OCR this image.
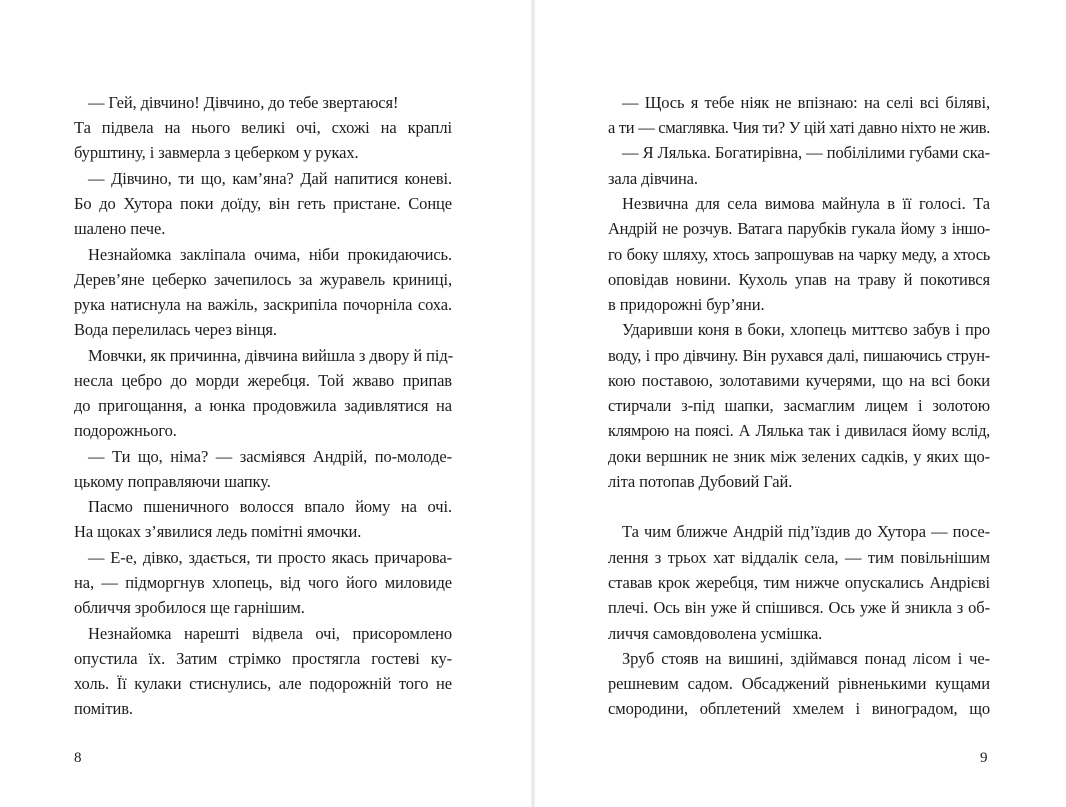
— Гей, дівчино! Дівчино, до тебе звертаюся!
Та підвела на нього великі очі, схожі на краплі
бурштину, і завмерла з цеберком у руках.
— Дівчино, ти що, кам’яна? Дай напитися коневі.
Бо до Хутора поки доїду, він геть пристане. Сонце
шалено пече.
Незнайомка закліпала очима, ніби прокидаючись.
Дерев’яне цеберко зачепилось за журавель криниці,
рука натиснула на важіль, заскрипіла почорніла соха.
Вода перелилась через вінця.
Мовчки, як причинна, дівчина вийшла з двору й під-
несла цебро до морди жеребця. Той жваво припав
до пригощання, а юнка продовжила задивлятися на
подорожнього.
— Ти що, німа? — засміявся Андрій, по-молоде-
цькому поправляючи шапку.
Пасмо пшеничного волосся впало йому на очі.
На щоках з’явилися ледь помітні ямочки.
— Е-е, дівко, здається, ти просто якась причарова-
на, — підморгнув хлопець, від чого його миловиде
обличчя зробилося ще гарнішим.
Незнайомка нарешті відвела очі, присоромлено
опустила їх. Затим стрімко простягла гостеві ку-
холь. Її кулаки стиснулись, але подорожній того не
помітив.
8
— Щось я тебе ніяк не впізнаю: на селі всі біляві,
а ти — смаглявка. Чия ти? У цій хаті давно ніхто не жив.
— Я Лялька. Богатирівна, — побілілими губами ска-
зала дівчина.
Незвична для села вимова майнула в її голосі. Та
Андрій не розчув. Ватага парубків гукала йому з іншо-
го боку шляху, хтось запрошував на чарку меду, а хтось
оповідав новини. Кухоль упав на траву й покотився
в придорожні бур’яни.
Ударивши коня в боки, хлопець миттєво забув і про
воду, і про дівчину. Він рухався далі, пишаючись струн-
кою поставою, золотавими кучерями, що на всі боки
стирчали з-під шапки, засмаглим лицем і золотою
клямрою на поясі. А Лялька так і дивилася йому вслід,
доки вершник не зник між зелених садків, у яких що-
літа потопав Дубовий Гай.
Та чим ближче Андрій під’їздив до Хутора — посе-
лення з трьох хат віддалік села, — тим повільнішим
ставав крок жеребця, тим нижче опускались Андрієві
плечі. Ось він уже й спішився. Ось уже й зникла з об-
личчя самовдоволена усмішка.
Зруб стояв на вишині, здіймався понад лісом і че-
решневим садом. Обсаджений рівненькими кущами
смородини, обплетений хмелем і виноградом, що
9
